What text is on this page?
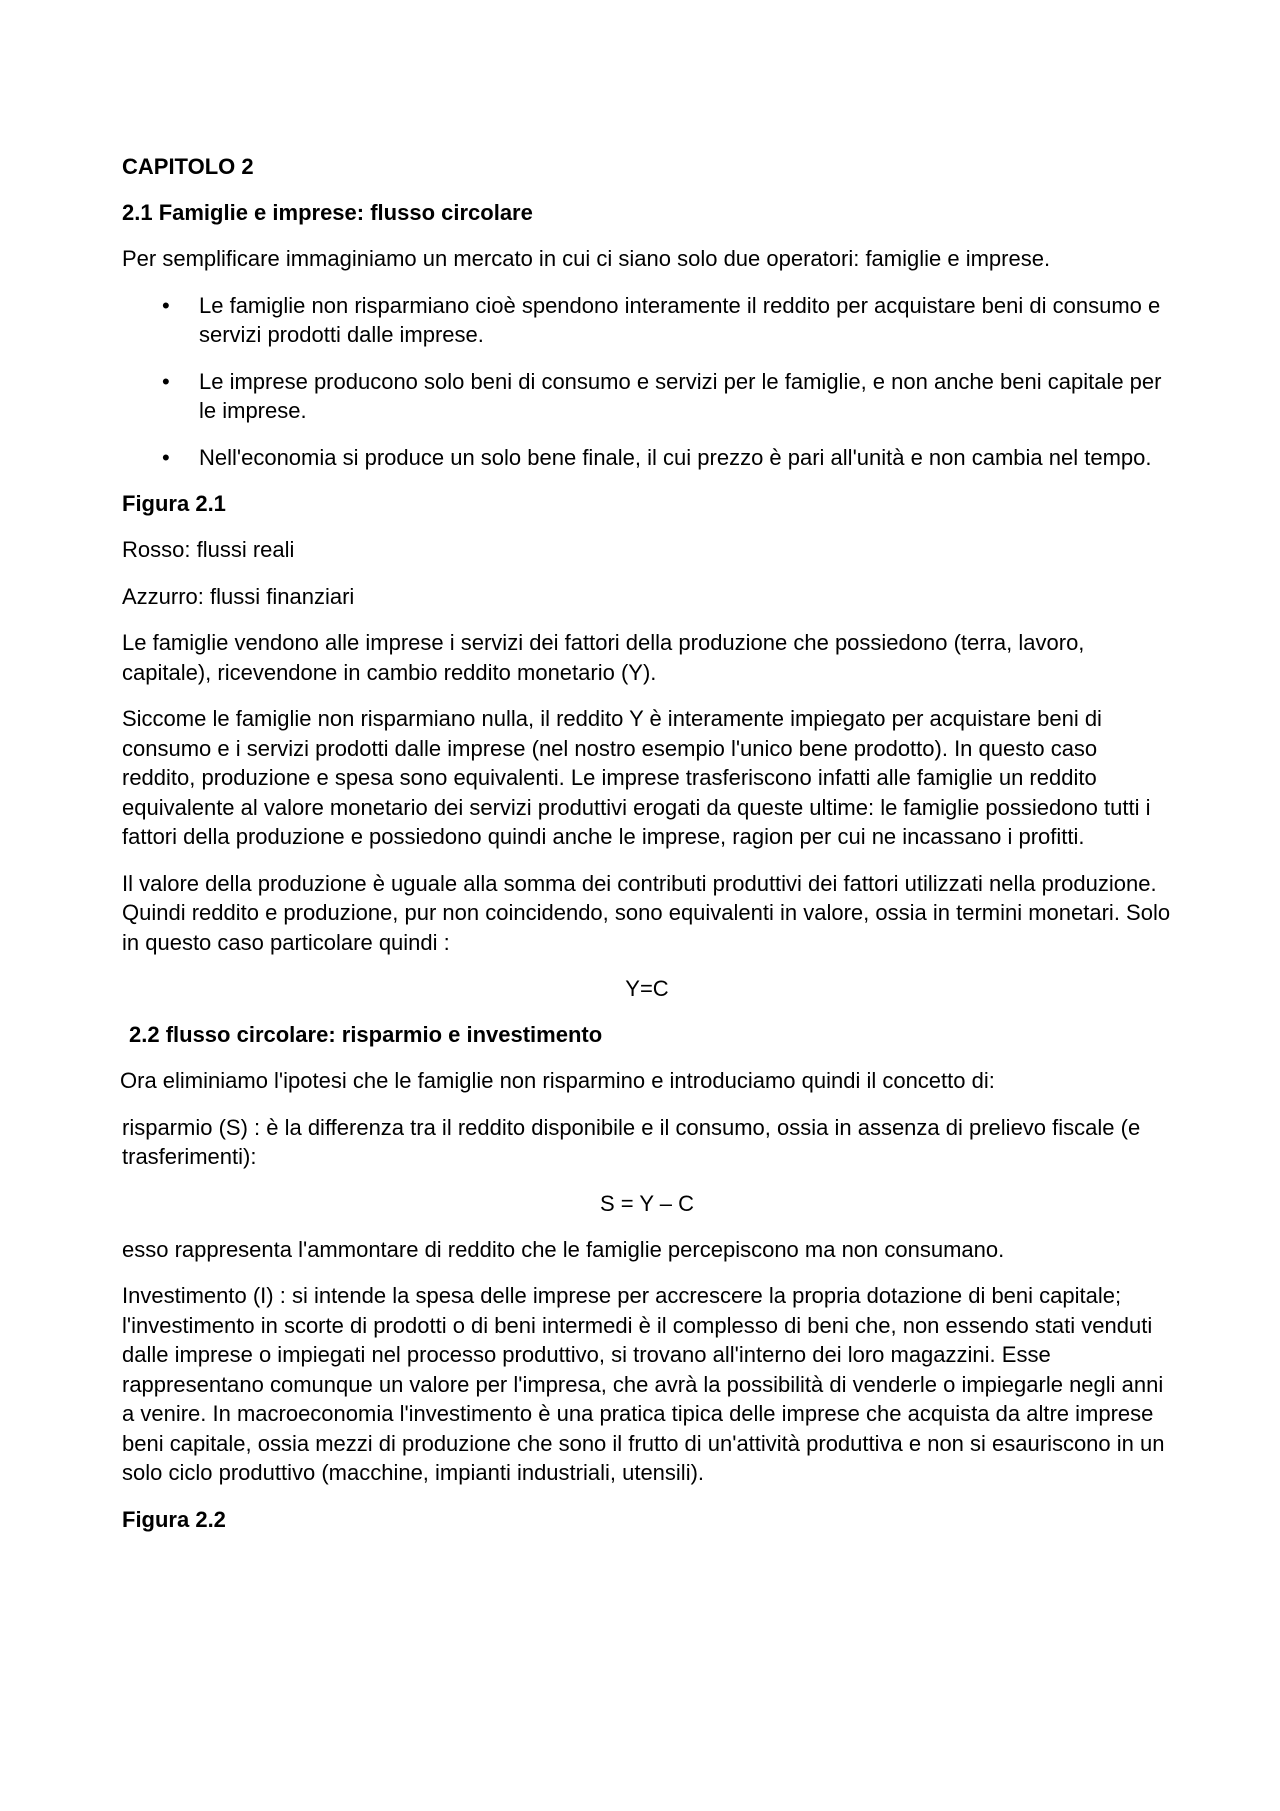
CAPITOLO 2
2.1 Famiglie e imprese: flusso circolare

Per semplificare immaginiamo un mercato in cui ci siano solo due operatori: famiglie e imprese.

• Le famiglie non risparmiano cioè spendono interamente il reddito per acquistare beni di consumo e servizi prodotti dalle imprese.
• Le imprese producono solo beni di consumo e servizi per le famiglie, e non anche beni capitale per le imprese.
• Nell'economia si produce un solo bene finale, il cui prezzo è pari all'unità e non cambia nel tempo.

Figura 2.1

Rosso: flussi reali

Azzurro: flussi finanziari

Le famiglie vendono alle imprese i servizi dei fattori della produzione che possiedono (terra, lavoro, capitale), ricevendone in cambio reddito monetario (Y).

Siccome le famiglie non risparmiano nulla, il reddito Y è interamente impiegato per acquistare beni di consumo e i servizi prodotti dalle imprese (nel nostro esempio l'unico bene prodotto). In questo caso reddito, produzione e spesa sono equivalenti. Le imprese trasferiscono infatti alle famiglie un reddito equivalente al valore monetario dei servizi produttivi erogati da queste ultime: le famiglie possiedono tutti i fattori della produzione e possiedono quindi anche le imprese, ragion per cui ne incassano i profitti.

Il valore della produzione è uguale alla somma dei contributi produttivi dei fattori utilizzati nella produzione. Quindi reddito e produzione, pur non coincidendo, sono equivalenti in valore, ossia in termini monetari. Solo in questo caso particolare quindi :

Y=C

2.2 flusso circolare: risparmio e investimento

Ora eliminiamo l'ipotesi che le famiglie non risparmino e introduciamo quindi il concetto di:

risparmio (S) : è la differenza tra il reddito disponibile e il consumo, ossia in assenza di prelievo fiscale (e trasferimenti):

S = Y – C

esso rappresenta l'ammontare di reddito che le famiglie percepiscono ma non consumano.

Investimento (I) : si intende la spesa delle imprese per accrescere la propria dotazione di beni capitale; l'investimento in scorte di prodotti o di beni intermedi è il complesso di beni che, non essendo stati venduti dalle imprese o impiegati nel processo produttivo, si trovano all'interno dei loro magazzini. Esse rappresentano comunque un valore per l'impresa, che avrà la possibilità di venderle o impiegarle negli anni a venire. In macroeconomia l'investimento è una pratica tipica delle imprese che acquista da altre imprese beni capitale, ossia mezzi di produzione che sono il frutto di un'attività produttiva e non si esauriscono in un solo ciclo produttivo (macchine, impianti industriali, utensili).

Figura 2.2
